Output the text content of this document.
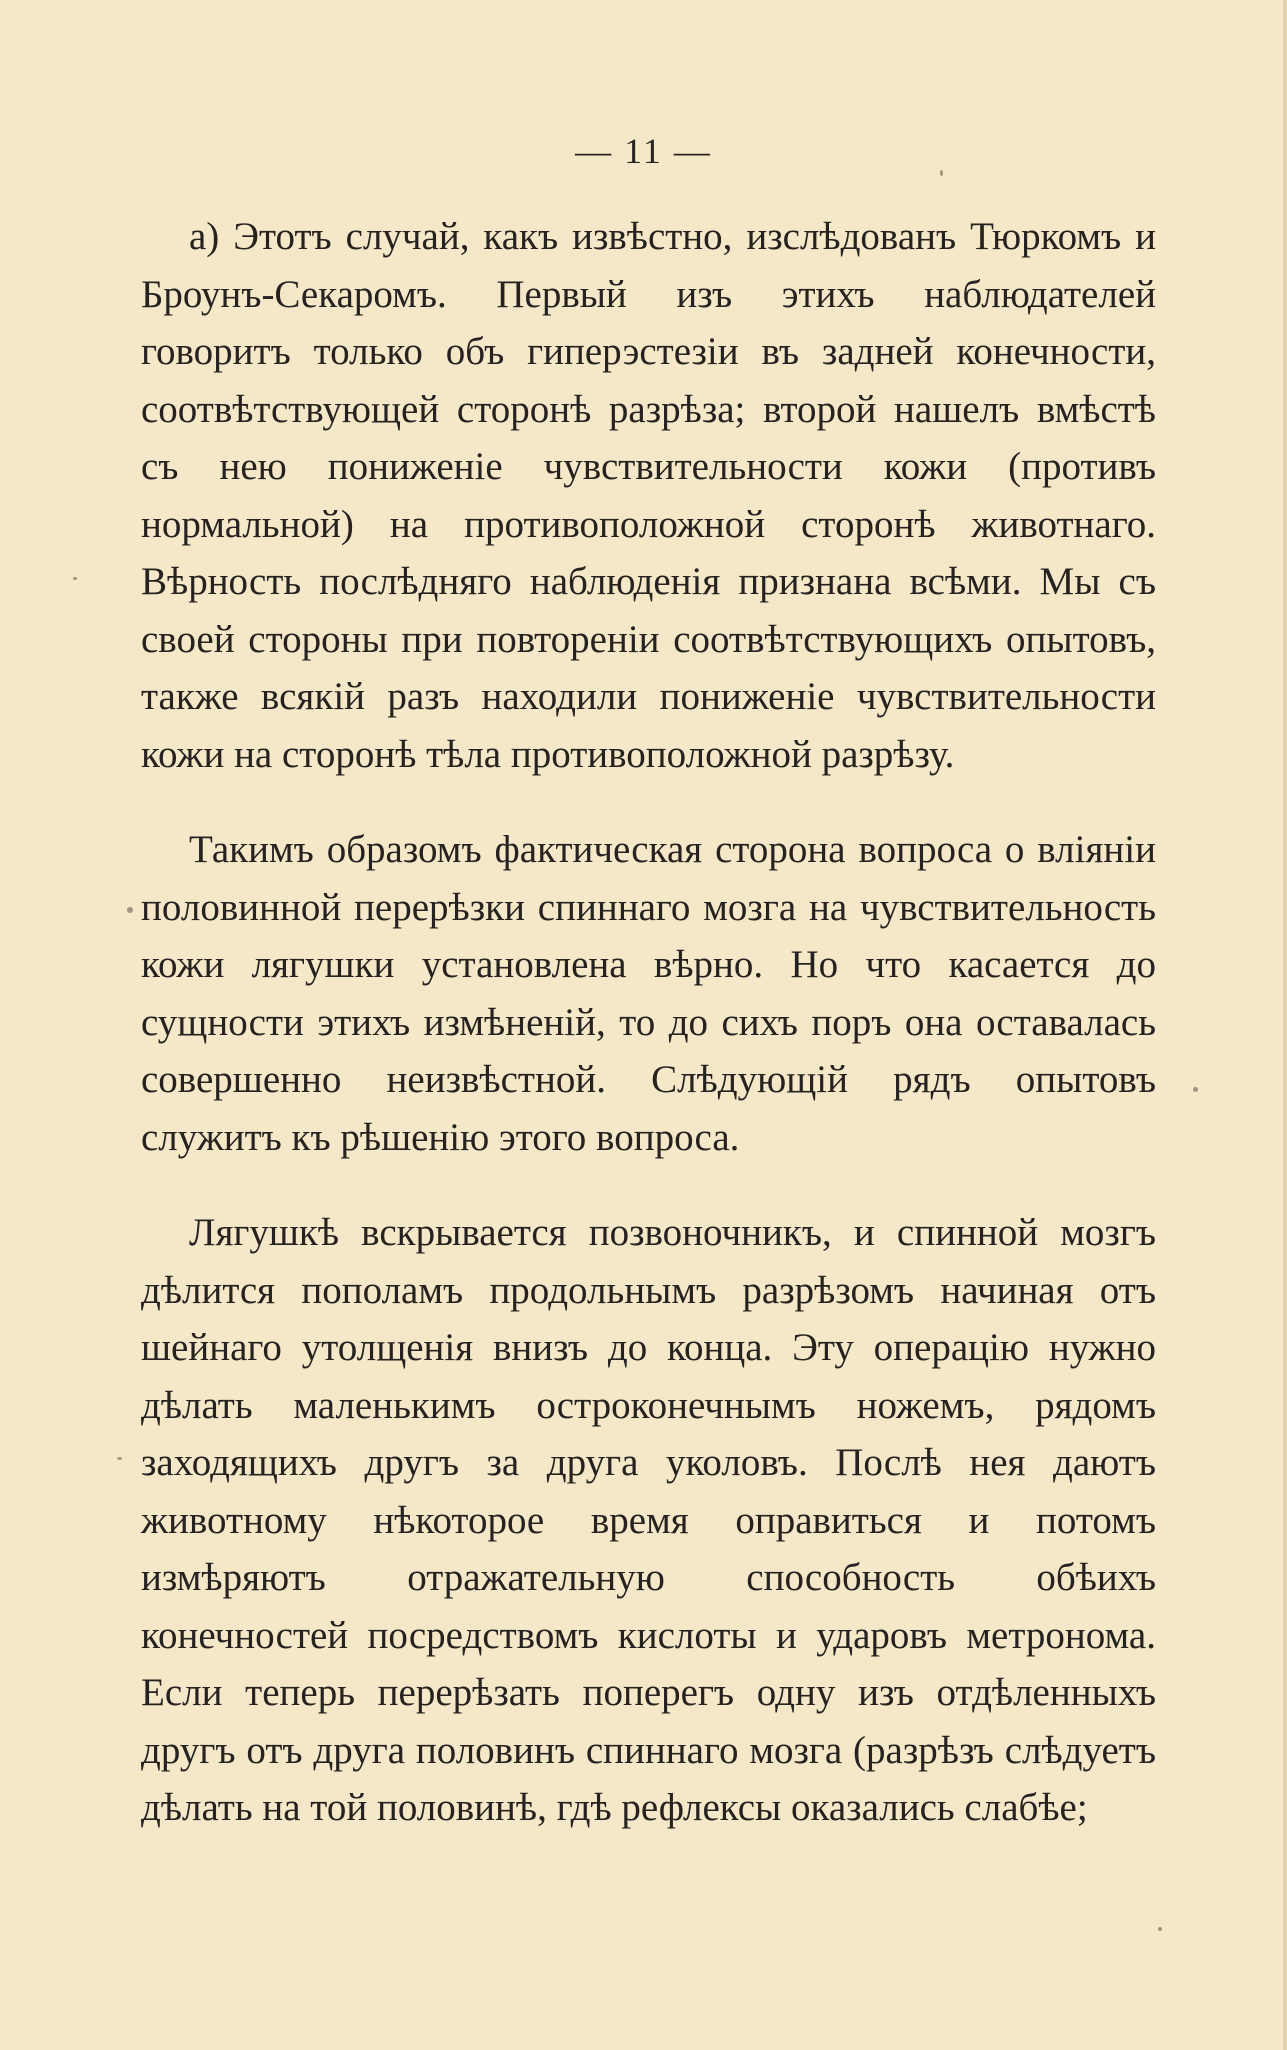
— 11 —

а) Этотъ случай, какъ извѣстно, изслѣдованъ Тюркомъ и Броунъ-Секаромъ. Первый изъ этихъ наблюдателей говоритъ только объ гиперэстезіи въ задней конечности, соотвѣтствующей сторонѣ разрѣза; второй нашелъ вмѣстѣ съ нею пониженіе чувствительности кожи (противъ нормальной) на противоположной сторонѣ животнаго. Вѣрность послѣдняго наблюденія признана всѣми. Мы съ своей стороны при повтореніи соотвѣтствующихъ опытовъ, также всякій разъ находили пониженіе чувствительности кожи на сторонѣ тѣла противоположной разрѣзу.

Такимъ образомъ фактическая сторона вопроса о вліяніи половинной перерѣзки спиннаго мозга на чувствительность кожи лягушки установлена вѣрно. Но что касается до сущности этихъ измѣненій, то до сихъ поръ она оставалась совершенно неизвѣстной. Слѣдующій рядъ опытовъ служитъ къ рѣшенію этого вопроса.

Лягушкѣ вскрывается позвоночникъ, и спинной мозгъ дѣлится пополамъ продольнымъ разрѣзомъ начиная отъ шейнаго утолщенія внизъ до конца. Эту операцію нужно дѣлать маленькимъ остроконечнымъ ножемъ, рядомъ заходящихъ другъ за друга уколовъ. Послѣ нея даютъ животному нѣкоторое время оправиться и потомъ измѣряютъ отражательную способность обѣихъ конечностей посредствомъ кислоты и ударовъ метронома. Если теперь перерѣзать поперегъ одну изъ отдѣленныхъ другъ отъ друга половинъ спиннаго мозга (разрѣзъ слѣдуетъ дѣлать на той половинѣ, гдѣ рефлексы оказались слабѣе;
